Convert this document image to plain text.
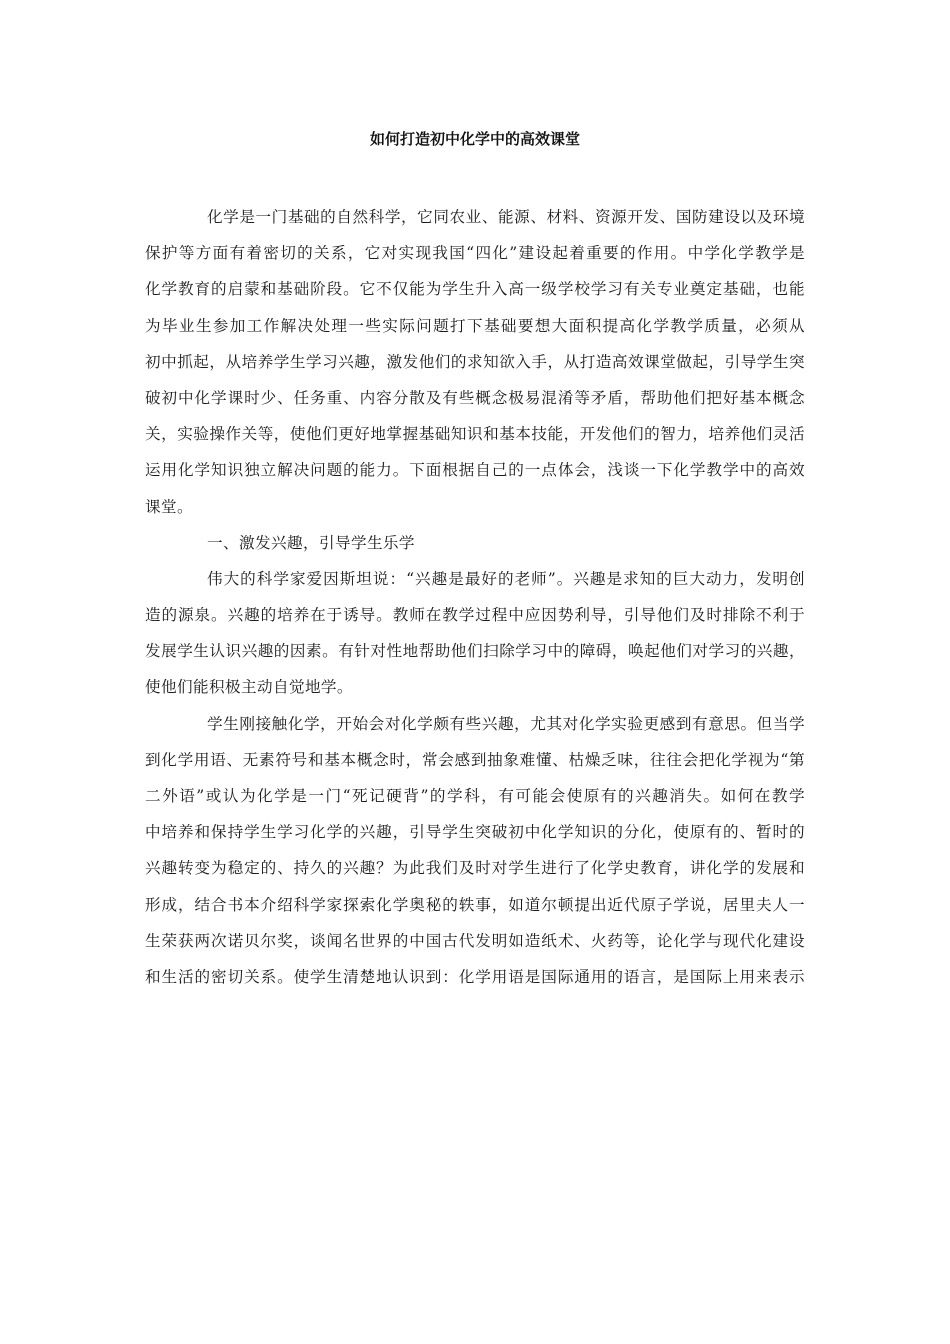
如何打造初中化学中的高效课堂
化学是一门基础的自然科学，它同农业、能源、材料、资源开发、国防建设以及环境
保护等方面有着密切的关系，它对实现我国“四化”建设起着重要的作用。中学化学教学是
化学教育的启蒙和基础阶段。它不仅能为学生升入高一级学校学习有关专业奠定基础，也能
为毕业生参加工作解决处理一些实际问题打下基础要想大面积提高化学教学质量，必须从
初中抓起，从培养学生学习兴趣，激发他们的求知欲入手，从打造高效课堂做起，引导学生突
破初中化学课时少、任务重、内容分散及有些概念极易混淆等矛盾，帮助他们把好基本概念
关，实验操作关等，使他们更好地掌握基础知识和基本技能，开发他们的智力，培养他们灵活
运用化学知识独立解决问题的能力。下面根据自己的一点体会，浅谈一下化学教学中的高效
课堂。
一、激发兴趣，引导学生乐学
伟大的科学家爱因斯坦说：“兴趣是最好的老师”。兴趣是求知的巨大动力，发明创
造的源泉。兴趣的培养在于诱导。教师在教学过程中应因势利导，引导他们及时排除不利于
发展学生认识兴趣的因素。有针对性地帮助他们扫除学习中的障碍，唤起他们对学习的兴趣，
使他们能积极主动自觉地学。
学生刚接触化学，开始会对化学颇有些兴趣，尤其对化学实验更感到有意思。但当学
到化学用语、无素符号和基本概念时，常会感到抽象难懂、枯燥乏味，往往会把化学视为“第
二外语”或认为化学是一门“死记硬背”的学科，有可能会使原有的兴趣消失。如何在教学
中培养和保持学生学习化学的兴趣，引导学生突破初中化学知识的分化，使原有的、暂时的
兴趣转变为稳定的、持久的兴趣？为此我们及时对学生进行了化学史教育，讲化学的发展和
形成，结合书本介绍科学家探索化学奥秘的轶事，如道尔顿提出近代原子学说，居里夫人一
生荣获两次诺贝尔奖，谈闻名世界的中国古代发明如造纸术、火药等，论化学与现代化建设
和生活的密切关系。使学生清楚地认识到：化学用语是国际通用的语言，是国际上用来表示
